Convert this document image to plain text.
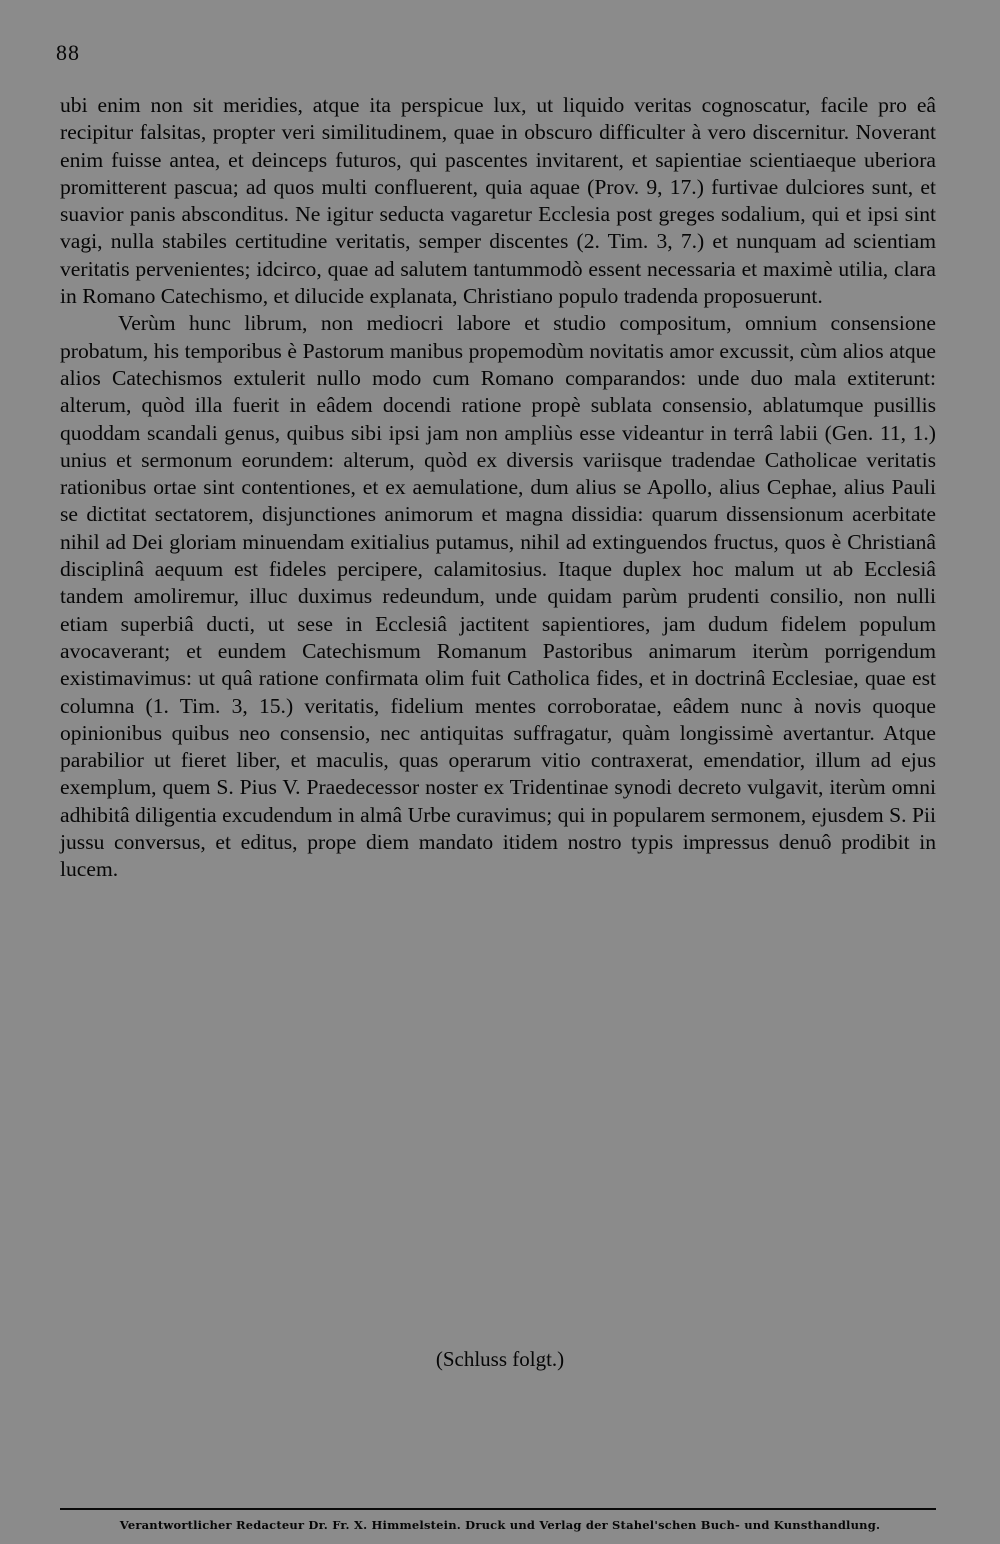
88

ubi enim non sit meridies, atque ita perspicue lux, ut liquido veritas cognoscatur, facile pro eâ recipitur falsitas, propter veri similitudinem, quae in obscuro difficulter à vero discernitur. Noverant enim fuisse antea, et deinceps futuros, qui pascentes invitarent, et sapientiae scientiaeque uberiora promitterent pascua; ad quos multi confluerent, quia aquae (Prov. 9, 17.) furtivae dulciores sunt, et suavior panis absconditus. Ne igitur seducta vagaretur Ecclesia post greges sodalium, qui et ipsi sint vagi, nulla stabiles certitudine veritatis, semper discentes (2. Tim. 3, 7.) et nunquam ad scientiam veritatis pervenientes; idcirco, quae ad salutem tantummodò essent necessaria et maximè utilia, clara in Romano Catechismo, et dilucide explanata, Christiano populo tradenda proposuerunt.

Verùm hunc librum, non mediocri labore et studio compositum, omnium consensione probatum, his temporibus è Pastorum manibus propemodùm novitatis amor excussit, cùm alios atque alios Catechismos extulerit nullo modo cum Romano comparandos: unde duo mala extiterunt: alterum, quòd illa fuerit in eâdem docendi ratione propè sublata consensio, ablatumque pusillis quoddam scandali genus, quibus sibi ipsi jam non ampliùs esse videantur in terrâ labii (Gen. 11, 1.) unius et sermonum eorundem: alterum, quòd ex diversis variisque tradendae Catholicae veritatis rationibus ortae sint contentiones, et ex aemulatione, dum alius se Apollo, alius Cephae, alius Pauli se dictitat sectatorem, disjunctiones animorum et magna dissidia: quarum dissensionum acerbitate nihil ad Dei gloriam minuendam exitialius putamus, nihil ad extinguendos fructus, quos è Christianâ disciplinâ aequum est fideles percipere, calamitosius. Itaque duplex hoc malum ut ab Ecclesiâ tandem amoliremur, illuc duximus redeundum, unde quidam parùm prudenti consilio, non nulli etiam superbiâ ducti, ut sese in Ecclesiâ jactitent sapientiores, jam dudum fidelem populum avocaverant; et eundem Catechismum Romanum Pastoribus animarum iterùm porrigendum existimavimus: ut quâ ratione confirmata olim fuit Catholica fides, et in doctrinâ Ecclesiae, quae est columna (1. Tim. 3, 15.) veritatis, fidelium mentes corroboratae, eâdem nunc à novis quoque opinionibus quibus neo consensio, nec antiquitas suffragatur, quàm longissimè avertantur. Atque parabilior ut fieret liber, et maculis, quas operarum vitio contraxerat, emendatior, illum ad ejus exemplum, quem S. Pius V. Praedecessor noster ex Tridentinae synodi decreto vulgavit, iterùm omni adhibitâ diligentia excudendum in almâ Urbe curavimus; qui in popularem sermonem, ejusdem S. Pii jussu conversus, et editus, prope diem mandato itidem nostro typis impressus denuô prodibit in lucem.

(Schluss folgt.)
Verantwortlicher Redacteur Dr. Fr. X. Himmelstein. Druck und Verlag der Stahel'schen Buch- und Kunsthandlung.
